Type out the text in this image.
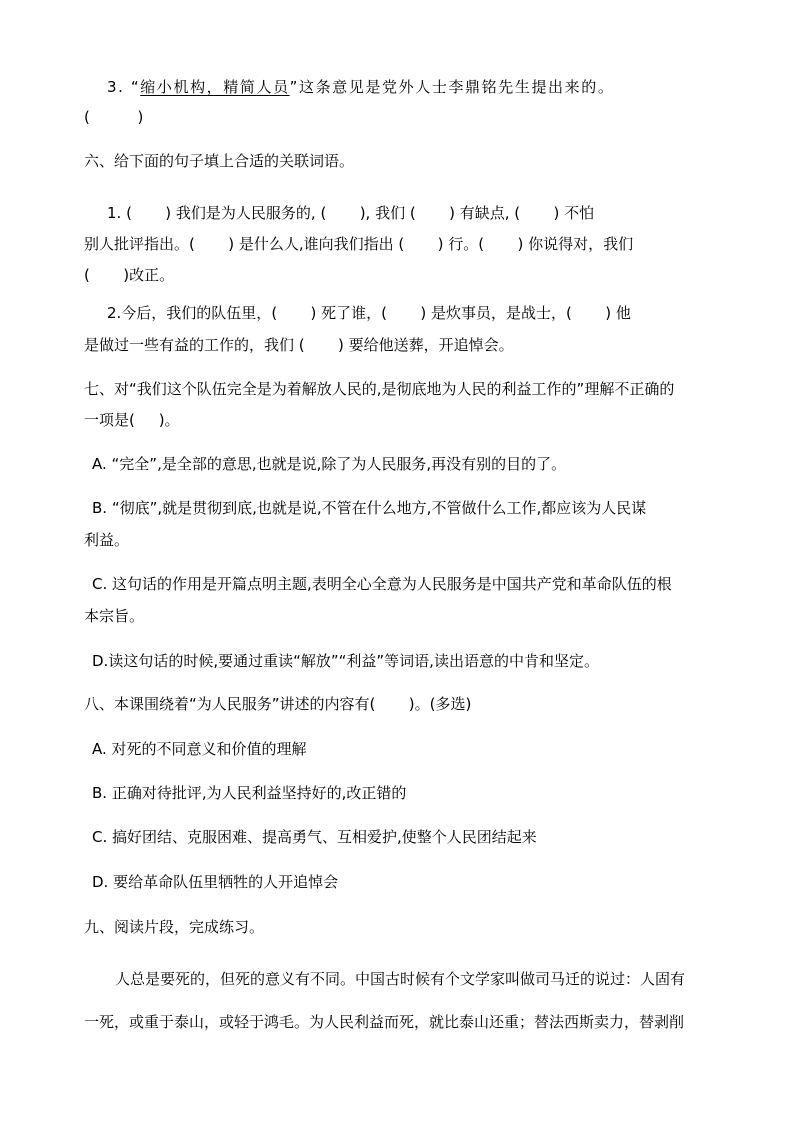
3. “缩小机构，精简人员”这条意见是党外人士李鼎铭先生提出来的。
(          )
六、给下面的句子填上合适的关联词语。
1. (       ) 我们是为人民服务的, (       ), 我们 (       ) 有缺点, (       ) 不怕
别人批评指出。(       ) 是什么人,谁向我们指出 (       ) 行。(       ) 你说得对，我们
(       )改正。
2.今后，我们的队伍里，(       ) 死了谁，(       ) 是炊事员，是战士，(       ) 他
是做过一些有益的工作的，我们 (       ) 要给他送葬，开追悼会。
七、对“我们这个队伍完全是为着解放人民的,是彻底地为人民的利益工作的”理解不正确的
一项是(     )。
A. “完全”,是全部的意思,也就是说,除了为人民服务,再没有别的目的了。
B. “彻底”,就是贯彻到底,也就是说,不管在什么地方,不管做什么工作,都应该为人民谋
利益。
C. 这句话的作用是开篇点明主题,表明全心全意为人民服务是中国共产党和革命队伍的根
本宗旨。
D.读这句话的时候,要通过重读“解放”“利益”等词语,读出语意的中肯和坚定。
八、本课围绕着“为人民服务”讲述的内容有(       )。(多选)
A. 对死的不同意义和价值的理解
B. 正确对待批评,为人民利益坚持好的,改正错的
C. 搞好团结、克服困难、提高勇气、互相爱护,使整个人民团结起来
D. 要给革命队伍里牺牲的人开追悼会
九、阅读片段，完成练习。
人总是要死的，但死的意义有不同。中国古时候有个文学家叫做司马迁的说过：人固有
一死，或重于泰山，或轻于鸿毛。为人民利益而死，就比泰山还重；替法西斯卖力，替剥削
